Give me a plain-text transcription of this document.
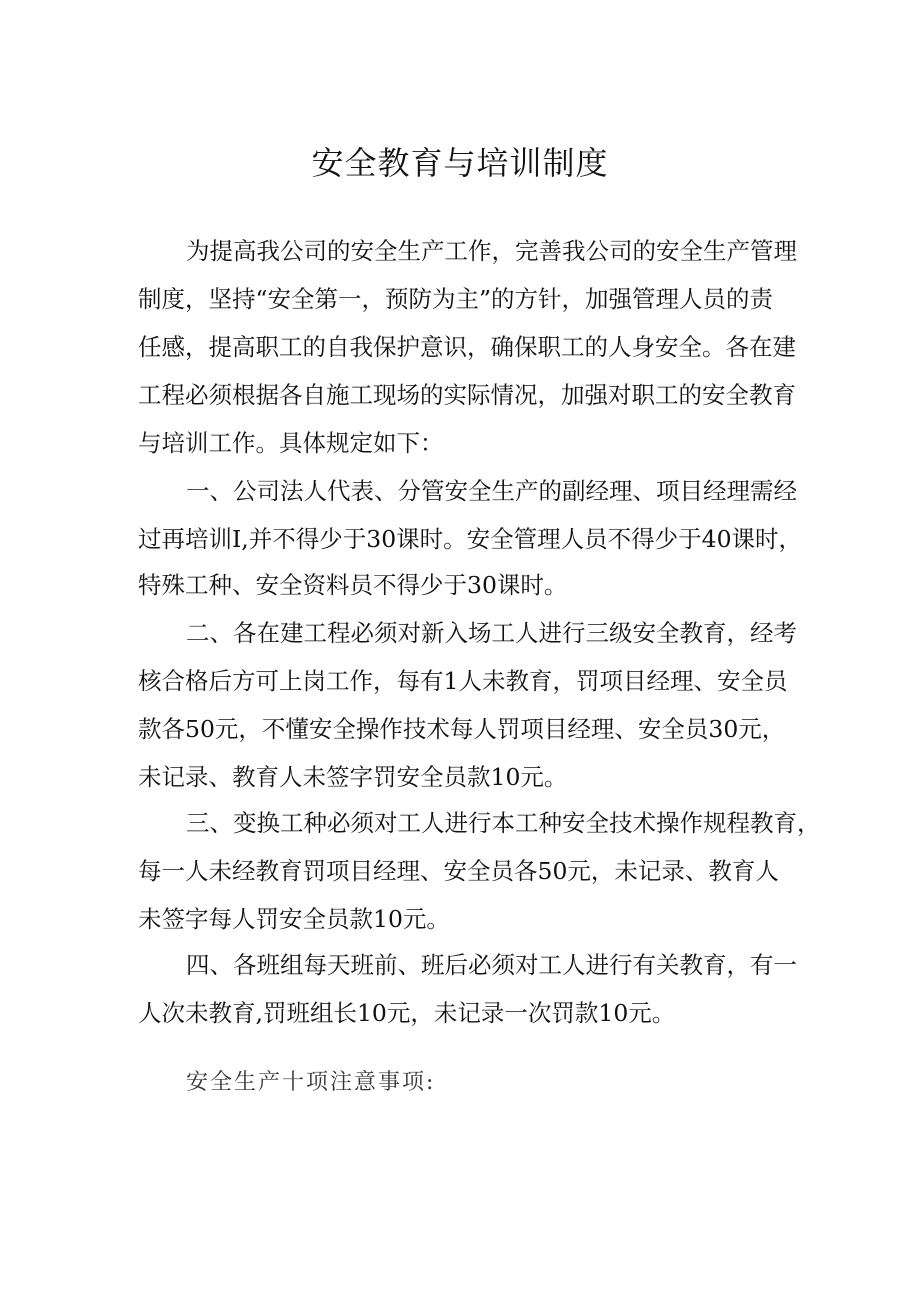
安全教育与培训制度
为提高我公司的安全生产工作，完善我公司的安全生产管理
制度，坚持“安全第一，预防为主”的方针，加强管理人员的责
任感，提高职工的自我保护意识，确保职工的人身安全。各在建
工程必须根据各自施工现场的实际情况，加强对职工的安全教育
与培训工作。具体规定如下：
一、公司法人代表、分管安全生产的副经理、项目经理需经
过再培训I,并不得少于30课时。安全管理人员不得少于40课时，
特殊工种、安全资料员不得少于30课时。
二、各在建工程必须对新入场工人进行三级安全教育，经考
核合格后方可上岗工作，每有1人未教育，罚项目经理、安全员
款各50元，不懂安全操作技术每人罚项目经理、安全员30元，
未记录、教育人未签字罚安全员款10元。
三、变换工种必须对工人进行本工种安全技术操作规程教育，
每一人未经教育罚项目经理、安全员各50元，未记录、教育人
未签字每人罚安全员款10元。
四、各班组每天班前、班后必须对工人进行有关教育，有一
人次未教育,罚班组长10元，未记录一次罚款10元。
安全生产十项注意事项:
